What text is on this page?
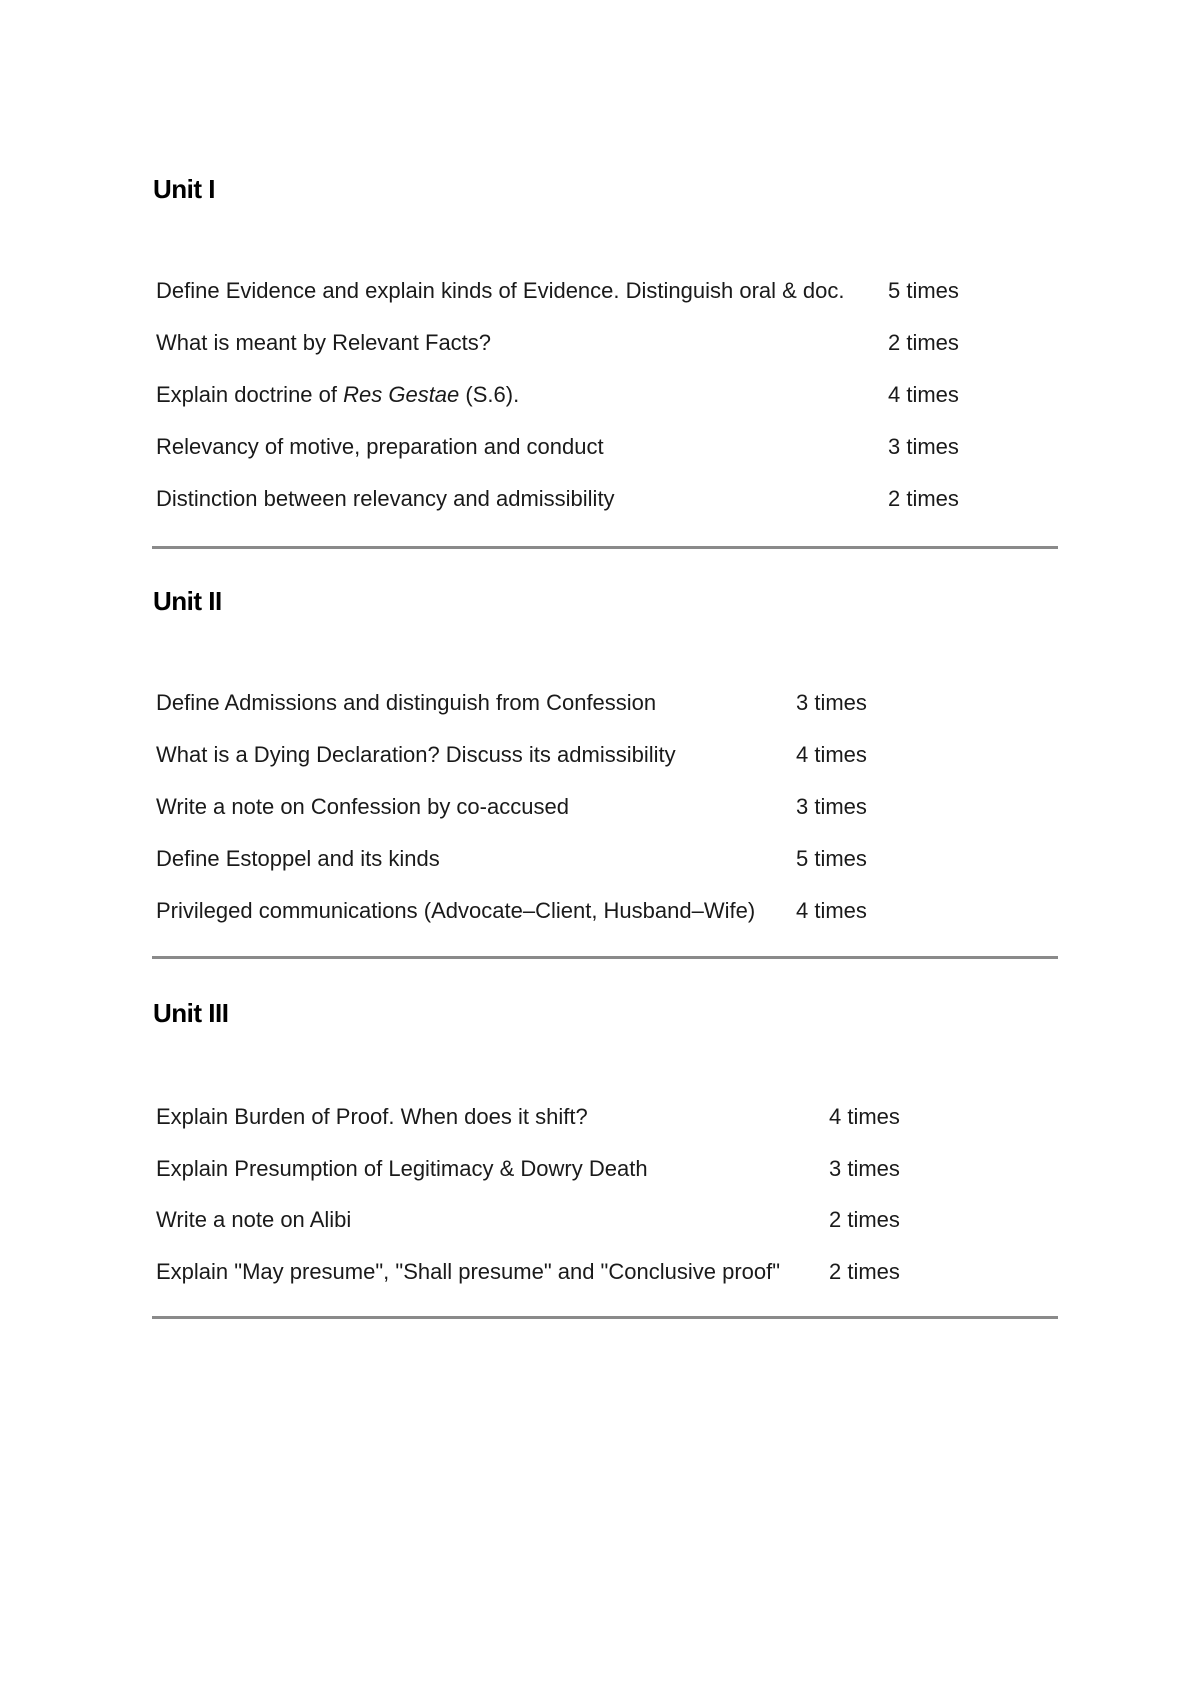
Unit I
Define Evidence and explain kinds of Evidence. Distinguish oral & doc. 5 times
What is meant by Relevant Facts?	2 times
Explain doctrine of Res Gestae (S.6).	4 times
Relevancy of motive, preparation and conduct	3 times
Distinction between relevancy and admissibility	2 times
Unit II
Define Admissions and distinguish from Confession	3 times
What is a Dying Declaration? Discuss its admissibility	4 times
Write a note on Confession by co-accused	3 times
Define Estoppel and its kinds	5 times
Privileged communications (Advocate–Client, Husband–Wife) 4 times
Unit III
Explain Burden of Proof. When does it shift?	4 times
Explain Presumption of Legitimacy & Dowry Death	3 times
Write a note on Alibi	2 times
Explain "May presume", "Shall presume" and "Conclusive proof" 2 times
